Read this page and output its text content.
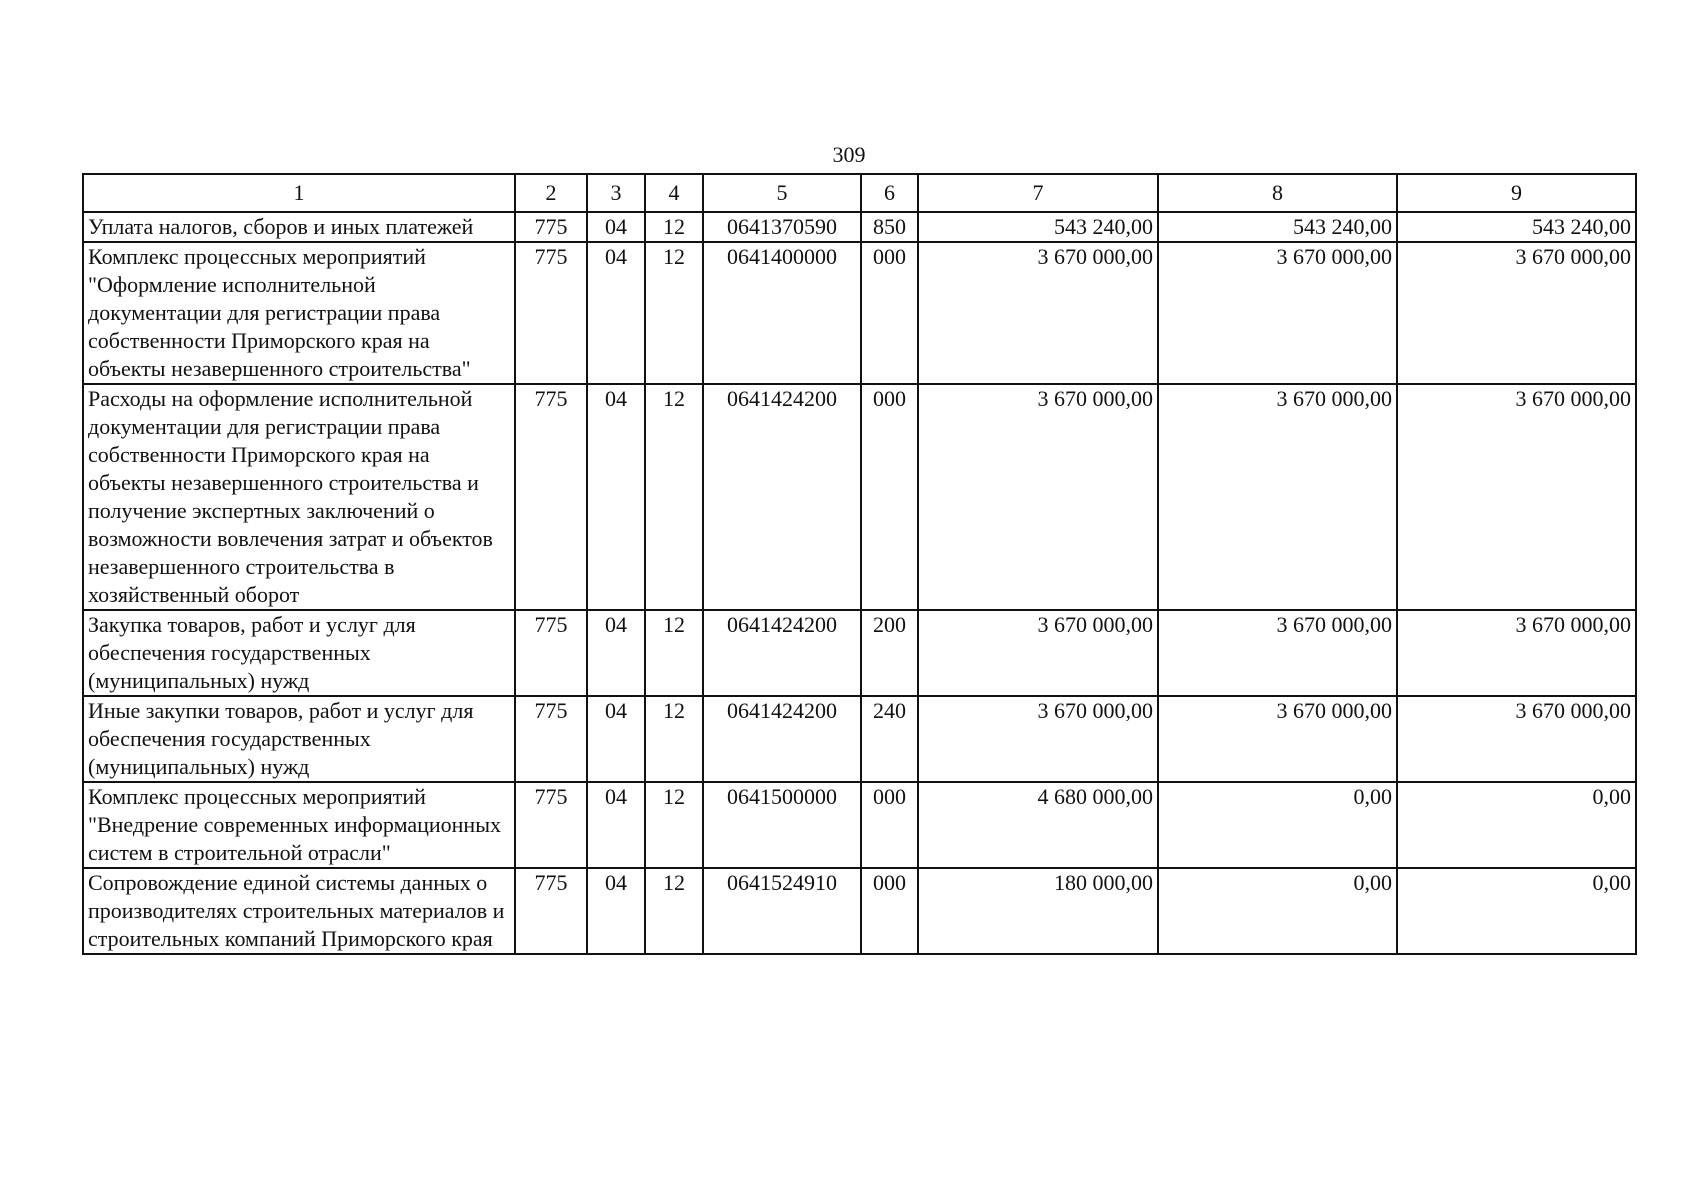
309
1	2	3	4	5	6	7	8	9
Уплата налогов, сборов и иных платежей	775	04	12	0641370590	850	543 240,00	543 240,00	543 240,00
Комплекс процессных мероприятий "Оформление исполнительной документации для регистрации права собственности Приморского края на объекты незавершенного строительства"	775	04	12	0641400000	000	3 670 000,00	3 670 000,00	3 670 000,00
Расходы на оформление исполнительной документации для регистрации права собственности Приморского края на объекты незавершенного строительства и получение экспертных заключений о возможности вовлечения затрат и объектов незавершенного строительства в хозяйственный оборот	775	04	12	0641424200	000	3 670 000,00	3 670 000,00	3 670 000,00
Закупка товаров, работ и услуг для обеспечения государственных (муниципальных) нужд	775	04	12	0641424200	200	3 670 000,00	3 670 000,00	3 670 000,00
Иные закупки товаров, работ и услуг для обеспечения государственных (муниципальных) нужд	775	04	12	0641424200	240	3 670 000,00	3 670 000,00	3 670 000,00
Комплекс процессных мероприятий "Внедрение современных информационных систем в строительной отрасли"	775	04	12	0641500000	000	4 680 000,00	0,00	0,00
Сопровождение единой системы данных о производителях строительных материалов и строительных компаний Приморского края	775	04	12	0641524910	000	180 000,00	0,00	0,00
